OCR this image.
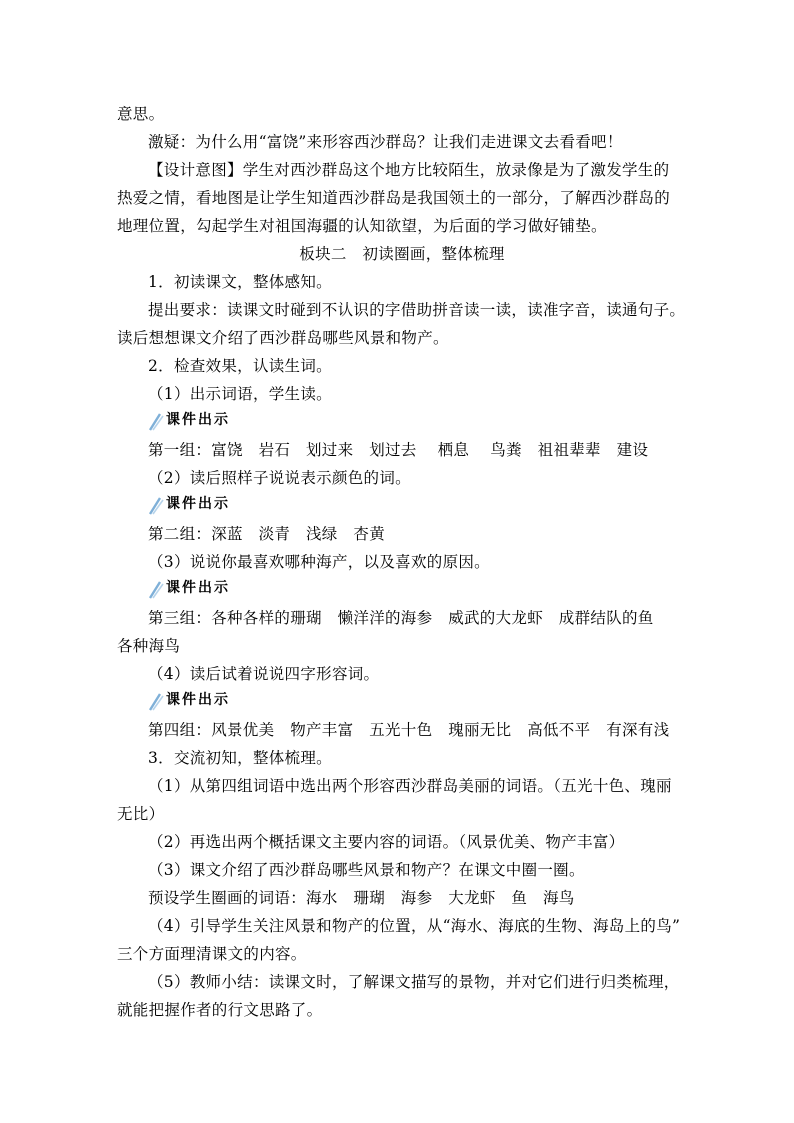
意思。
激疑：为什么用“富饶”来形容西沙群岛？让我们走进课文去看看吧！
【设计意图】学生对西沙群岛这个地方比较陌生，放录像是为了激发学生的
热爱之情，看地图是让学生知道西沙群岛是我国领土的一部分，了解西沙群岛的
地理位置，勾起学生对祖国海疆的认知欲望，为后面的学习做好铺垫。
板块二　初读圈画，整体梳理
1．初读课文，整体感知。
提出要求：读课文时碰到不认识的字借助拼音读一读，读准字音，读通句子。
读后想想课文介绍了西沙群岛哪些风景和物产。
2．检查效果，认读生词。
（1）出示词语，学生读。
课件出示
第一组：富饶　岩石　划过来　划过去　 栖息　 鸟粪　祖祖辈辈　建设
（2）读后照样子说说表示颜色的词。
课件出示
第二组：深蓝　淡青　浅绿　杏黄
（3）说说你最喜欢哪种海产，以及喜欢的原因。
课件出示
第三组：各种各样的珊瑚　懒洋洋的海参　威武的大龙虾　成群结队的鱼
各种海鸟
（4）读后试着说说四字形容词。
课件出示
第四组：风景优美　物产丰富　五光十色　瑰丽无比　高低不平　有深有浅
3．交流初知，整体梳理。
（1）从第四组词语中选出两个形容西沙群岛美丽的词语。（五光十色、瑰丽
无比）
（2）再选出两个概括课文主要内容的词语。（风景优美、物产丰富）
（3）课文介绍了西沙群岛哪些风景和物产？在课文中圈一圈。
预设学生圈画的词语：海水　珊瑚　海参　大龙虾　鱼　海鸟
（4）引导学生关注风景和物产的位置，从“海水、海底的生物、海岛上的鸟”
三个方面理清课文的内容。
（5）教师小结：读课文时，了解课文描写的景物，并对它们进行归类梳理，
就能把握作者的行文思路了。
